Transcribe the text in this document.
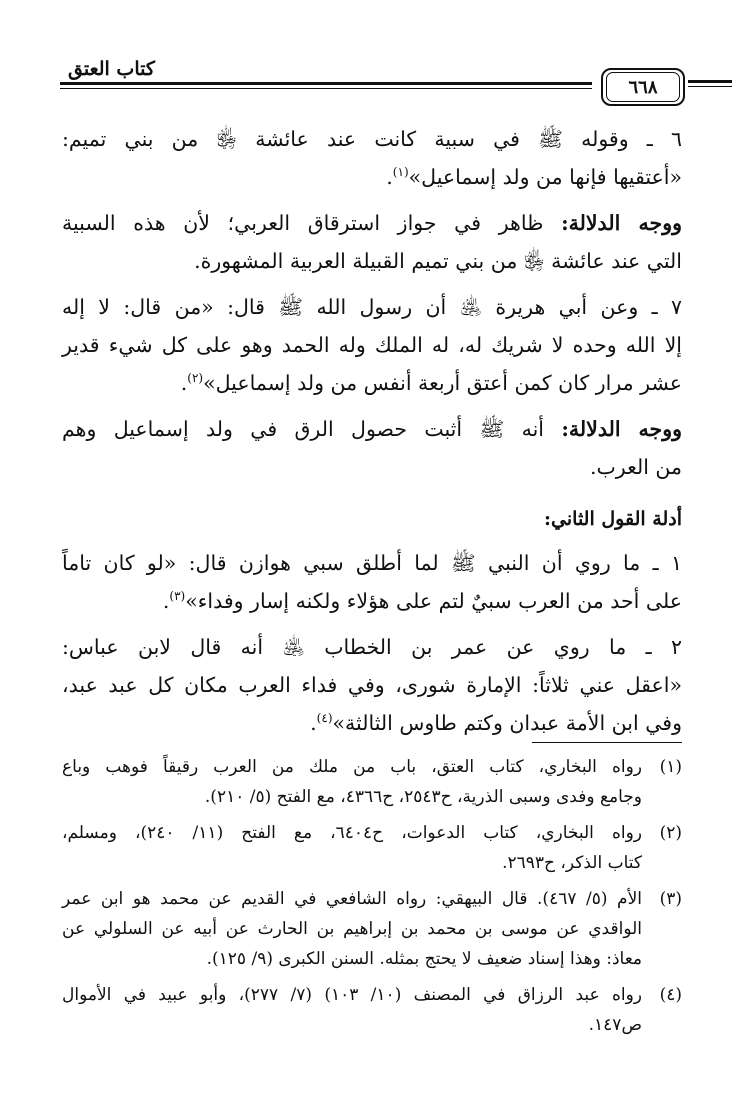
كتاب العتق
٦٦٨
٦ ـ وقوله ﷺ في سبية كانت عند عائشة ﵂ من بني تميم:
«أعتقيها فإنها من ولد إسماعيل»$^{(١)}$.
ووجه الدلالة: ظاهر في جواز استرقاق العربي؛ لأن هذه السبية
التي عند عائشة ﵂ من بني تميم القبيلة العربية المشهورة.
٧ ـ وعن أبي هريرة ﵁ أن رسول الله ﷺ قال: «من قال: لا إله
إلا الله وحده لا شريك له، له الملك وله الحمد وهو على كل شيء قدير
عشر مرار كان كمن أعتق أربعة أنفس من ولد إسماعيل»$^{(٢)}$.
ووجه الدلالة: أنه ﷺ أثبت حصول الرق في ولد إسماعيل وهم
من العرب.
أدلة القول الثاني:
١ ـ ما روي أن النبي ﷺ لما أطلق سبي هوازن قال: «لو كان تاماً
على أحد من العرب سبيٌ لتم على هؤلاء ولكنه إسار وفداء»$^{(٣)}$.
٢ ـ ما روي عن عمر بن الخطاب ﵁ أنه قال لابن عباس:
«اعقل عني ثلاثاً: الإمارة شورى، وفي فداء العرب مكان كل عبد عبد،
وفي ابن الأمة عبدان وكتم طاوس الثالثة»$^{(٤)}$.
(١)
رواه البخاري، كتاب العتق، باب من ملك من العرب رقيقاً فوهب وباع
وجامع وفدى وسبى الذرية، ح٢٥٤٣، ح٤٣٦٦، مع الفتح (٥/ ٢١٠).
(٢)
رواه البخاري، كتاب الدعوات، ح٦٤٠٤، مع الفتح (١١/ ٢٤٠)، ومسلم،
كتاب الذكر، ح٢٦٩٣.
(٣)
الأم (٥/ ٤٦٧). قال البيهقي: رواه الشافعي في القديم عن محمد هو ابن عمر
الواقدي عن موسى بن محمد بن إبراهيم بن الحارث عن أبيه عن السلولي عن
معاذ: وهذا إسناد ضعيف لا يحتج بمثله. السنن الكبرى (٩/ ١٢٥).
(٤)
رواه عبد الرزاق في المصنف (١٠/ ١٠٣) (٧/ ٢٧٧)، وأبو عبيد في الأموال
ص١٤٧.
